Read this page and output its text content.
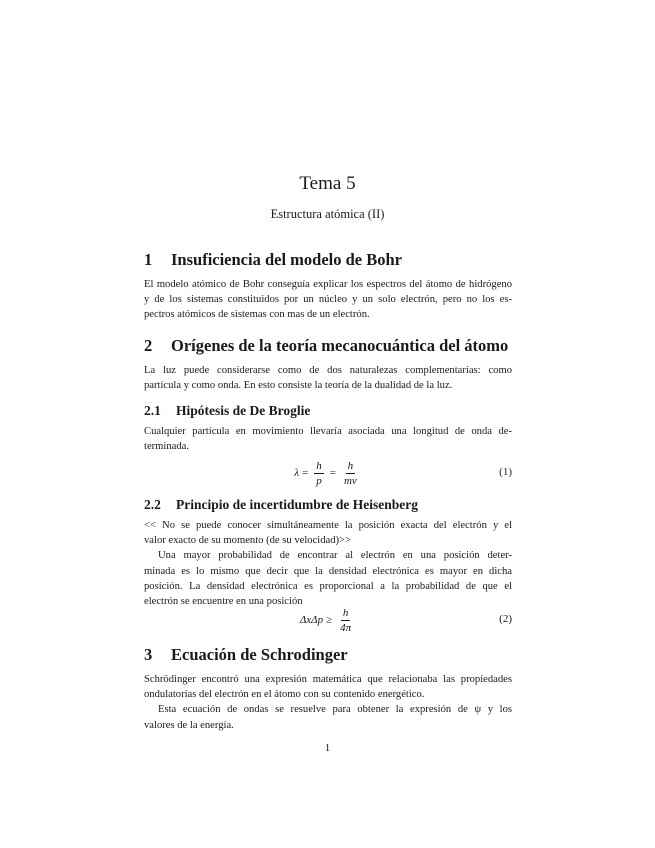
Tema 5
Estructura atómica (II)
1 Insuficiencia del modelo de Bohr
El modelo atómico de Bohr conseguía explicar los espectros del átomo de hidrógeno
y de los sistemas constituidos por un núcleo y un solo electrón, pero no los es-
pectros atómicos de sistemas con mas de un electrón.
2 Orígenes de la teoría mecanocuántica del átomo
La luz puede considerarse como de dos naturalezas complementarias: como
partícula y como onda. En esto consiste la teoría de la dualidad de la luz.
2.1 Hipótesis de De Broglie
Cualquier partícula en movimiento llevaría asociada una longitud de onda de-
terminada.
$\lambda = \frac{h}{p} = \frac{h}{mv}$	(1)
2.2 Principio de incertidumbre de Heisenberg
<< No se puede conocer simultáneamente la posición exacta del electrón y el
valor exacto de su momento (de su velocidad)>>
Una mayor probabilidad de encontrar al electrón en una posición deter-
minada es lo mismo que decir que la densidad electrónica es mayor en dicha
posición. La densidad electrónica es proporcional a la probabilidad de que el
electrón se encuentre en una posición
$\Delta x\Delta p \ge \frac{h}{4\pi}$	(2)
3 Ecuación de Schrodinger
Schrödinger encontró una expresión matemática que relacionaba las propiedades
ondulatorias del electrón en el átomo con su contenido energético.
Esta ecuación de ondas se resuelve para obtener la expresión de ψ y los
valores de la energía.
1
